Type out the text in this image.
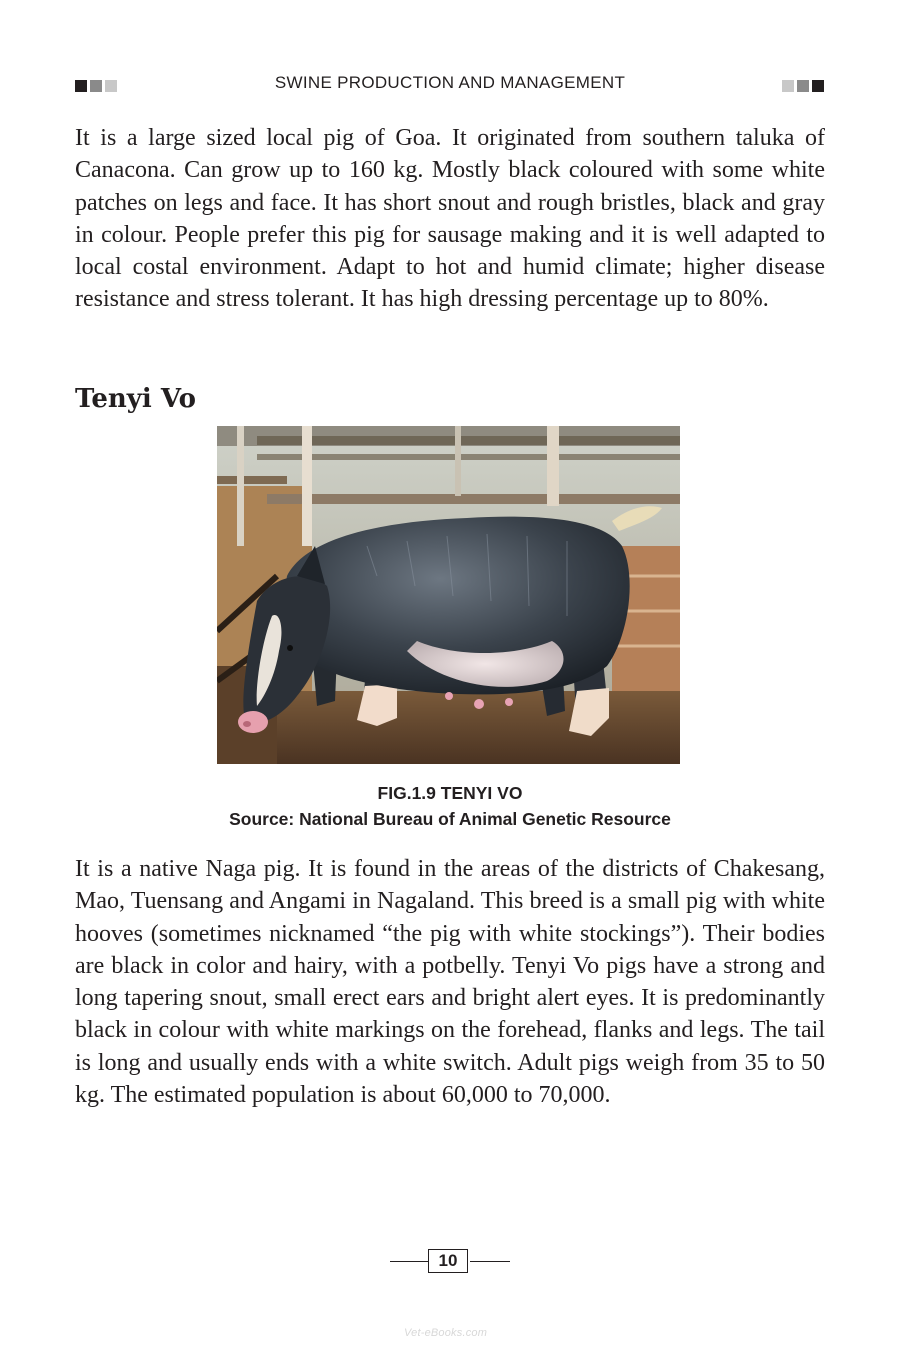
SWINE PRODUCTION AND MANAGEMENT

It is a large sized local pig of Goa. It originated from southern taluka of Canacona. Can grow up to 160 kg. Mostly black coloured with some white patches on legs and face. It has short snout and rough bristles, black and gray in colour. People prefer this pig for sausage making and it is well adapted to local costal environment. Adapt to hot and humid climate; higher disease resistance and stress tolerant. It has high dressing percentage up to 80%.

Tenyi Vo
FIG.1.9 TENYI VO
Source: National Bureau of Animal Genetic Resource

It is a native Naga pig. It is found in the areas of the districts of Chakesang, Mao, Tuensang and Angami in Nagaland. This breed is a small pig with white hooves (sometimes nicknamed “the pig with white stockings”). Their bodies are black in color and hairy, with a potbelly. Tenyi Vo pigs have a strong and long tapering snout, small erect ears and bright alert eyes. It is predominantly black in colour with white markings on the forehead, flanks and legs. The tail is long and usually ends with a white switch. Adult pigs weigh from 35 to 50 kg. The estimated population is about 60,000 to 70,000.

10
Vet-eBooks.com
